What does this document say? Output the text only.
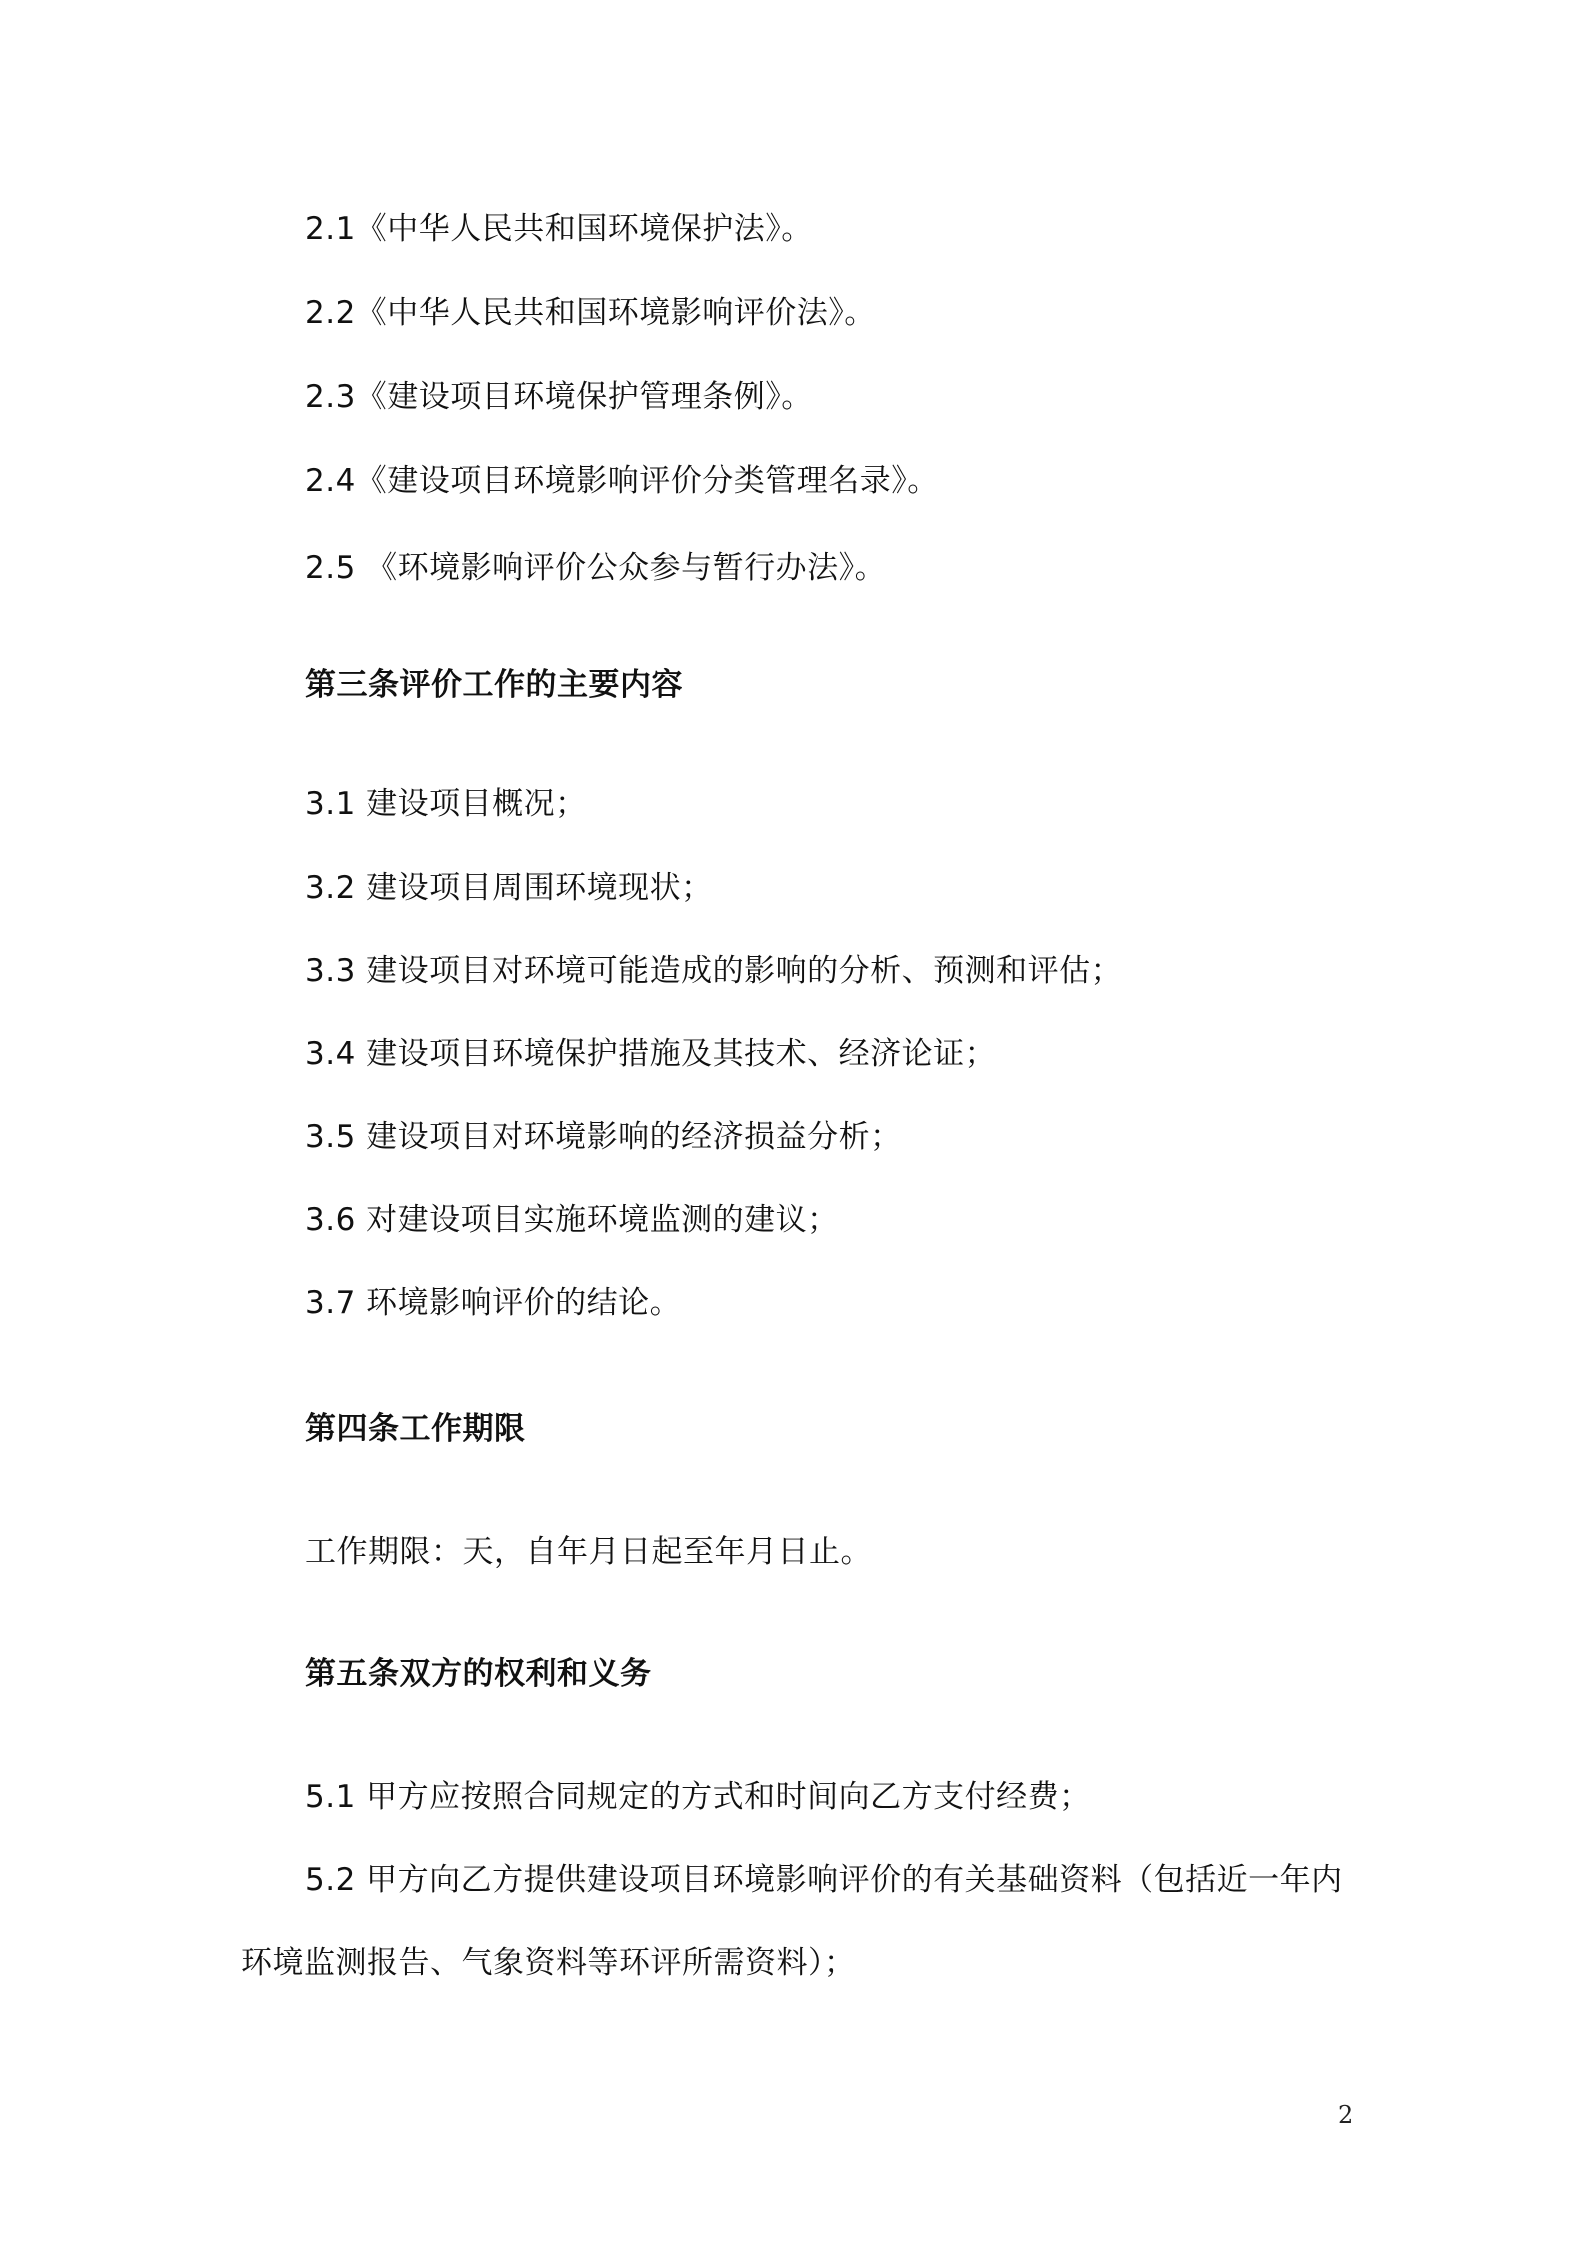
2.1《中华人民共和国环境保护法》。
2.2《中华人民共和国环境影响评价法》。
2.3《建设项目环境保护管理条例》。
2.4《建设项目环境影响评价分类管理名录》。
2.5 《环境影响评价公众参与暂行办法》。
第三条评价工作的主要内容
3.1 建设项目概况；
3.2 建设项目周围环境现状；
3.3 建设项目对环境可能造成的影响的分析、预测和评估；
3.4 建设项目环境保护措施及其技术、经济论证；
3.5 建设项目对环境影响的经济损益分析；
3.6 对建设项目实施环境监测的建议；
3.7 环境影响评价的结论。
第四条工作期限
工作期限：天，自年月日起至年月日止。
第五条双方的权利和义务
5.1 甲方应按照合同规定的方式和时间向乙方支付经费；
5.2 甲方向乙方提供建设项目环境影响评价的有关基础资料（包括近一年内
环境监测报告、气象资料等环评所需资料）；
2
